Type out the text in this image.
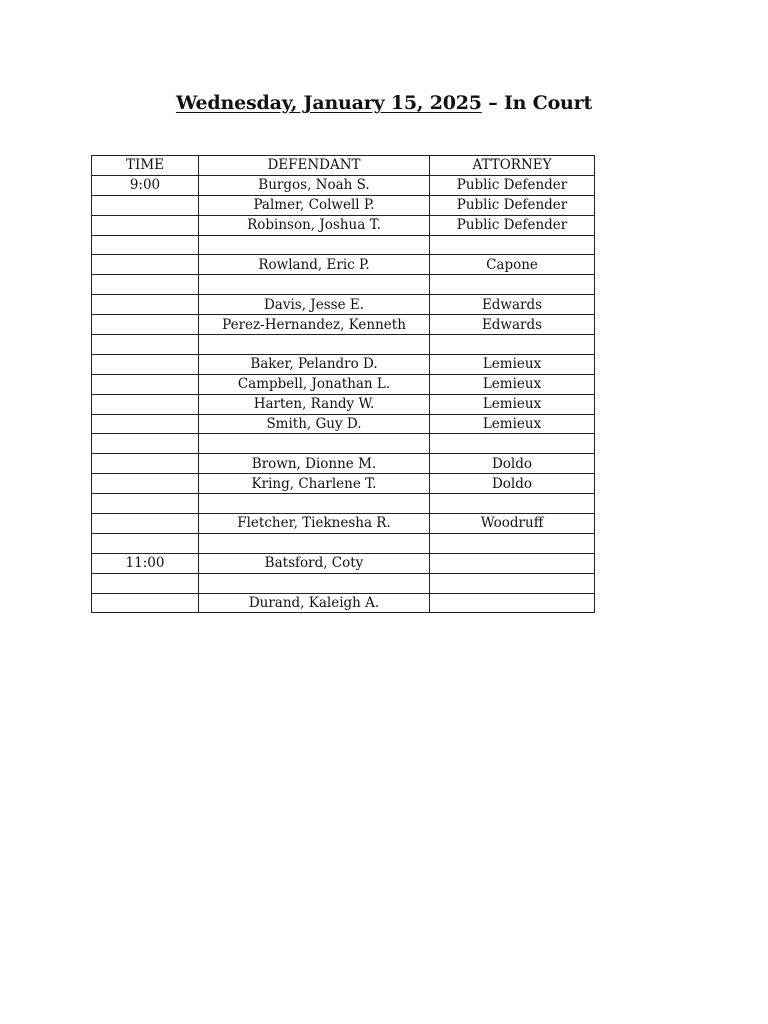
Wednesday, January 15, 2025 – In Court
TIME	DEFENDANT	ATTORNEY
9:00	Burgos, Noah S.	Public Defender
	Palmer, Colwell P.	Public Defender
	Robinson, Joshua T.	Public Defender

	Rowland, Eric P.	Capone

	Davis, Jesse E.	Edwards
	Perez-Hernandez, Kenneth	Edwards

	Baker, Pelandro D.	Lemieux
	Campbell, Jonathan L.	Lemieux
	Harten, Randy W.	Lemieux
	Smith, Guy D.	Lemieux

	Brown, Dionne M.	Doldo
	Kring, Charlene T.	Doldo

	Fletcher, Tieknesha R.	Woodruff

11:00	Batsford, Coty	

	Durand, Kaleigh A.	
